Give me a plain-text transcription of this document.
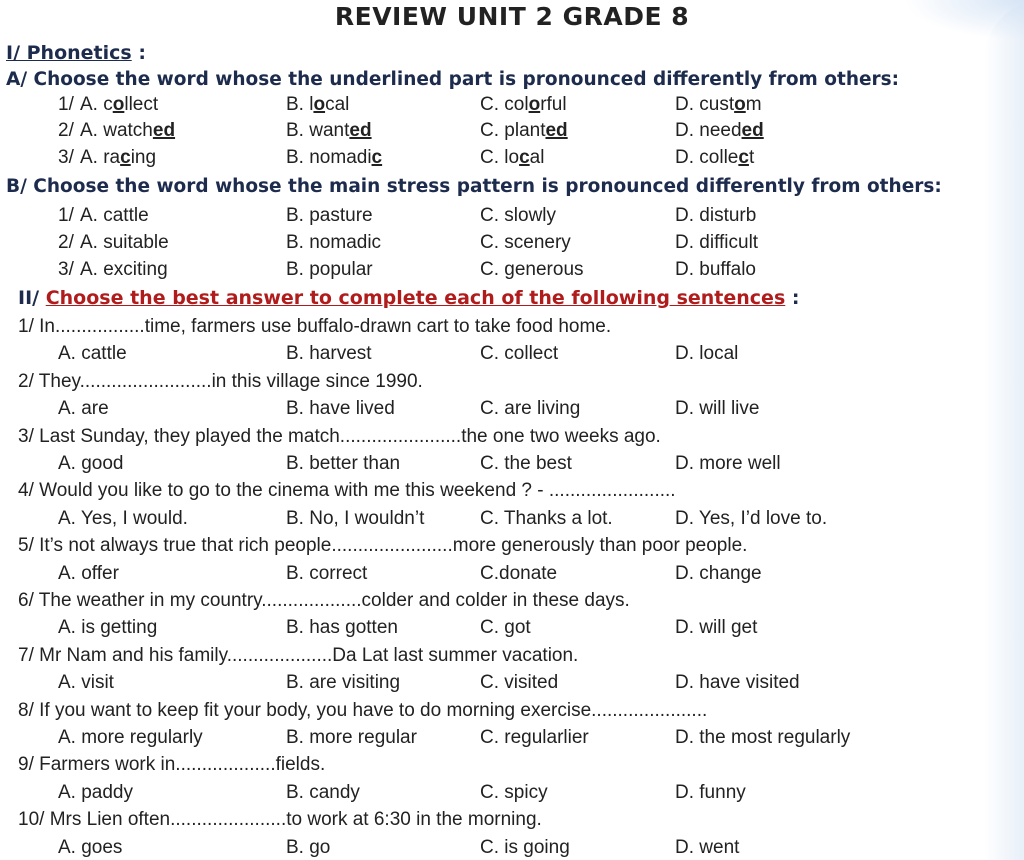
REVIEW UNIT 2 GRADE 8
I/ Phonetics :
A/ Choose the word whose the underlined part is pronounced differently from others:
B/ Choose the word whose the main stress pattern is pronounced differently from others:
II/ Choose the best answer to complete each of the following sentences :
1/ A. collect	B. local	C. colorful	D. custom
2/ A. watched	B. wanted	C. planted	D. needed
3/ A. racing	B. nomadic	C. local	D. collect
1/ A. cattle	B. pasture	C. slowly	D. disturb
2/ A. suitable	B. nomadic	C. scenery	D. difficult
3/ A. exciting	B. popular	C. generous	D. buffalo
1/ In.................time, farmers use buffalo-drawn cart to take food home.
A. cattle	B. harvest	C. collect	D. local
2/ They.........................in this village since 1990.
A. are	B. have lived	C. are living	D. will live
3/ Last Sunday, they played the match.......................the one two weeks ago.
A. good	B. better than	C. the best	D. more well
4/ Would you like to go to the cinema with me this weekend ? - ........................
A. Yes, I would.	B. No, I wouldn’t	C. Thanks a lot.	D. Yes, I’d love to.
5/ It’s not always true that rich people.......................more generously than poor people.
A. offer	B. correct	C.donate	D. change
6/ The weather in my country...................colder and colder in these days.
A. is getting	B. has gotten	C. got	D. will get
7/ Mr Nam and his family....................Da Lat last summer vacation.
A. visit	B. are visiting	C. visited	D. have visited
8/ If you want to keep fit your body, you have to do morning exercise......................
A. more regularly	B. more regular	C. regularlier	D. the most regularly
9/ Farmers work in...................fields.
A. paddy	B. candy	C. spicy	D. funny
10/ Mrs Lien often......................to work at 6:30 in the morning.
A. goes	B. go	C. is going	D. went
